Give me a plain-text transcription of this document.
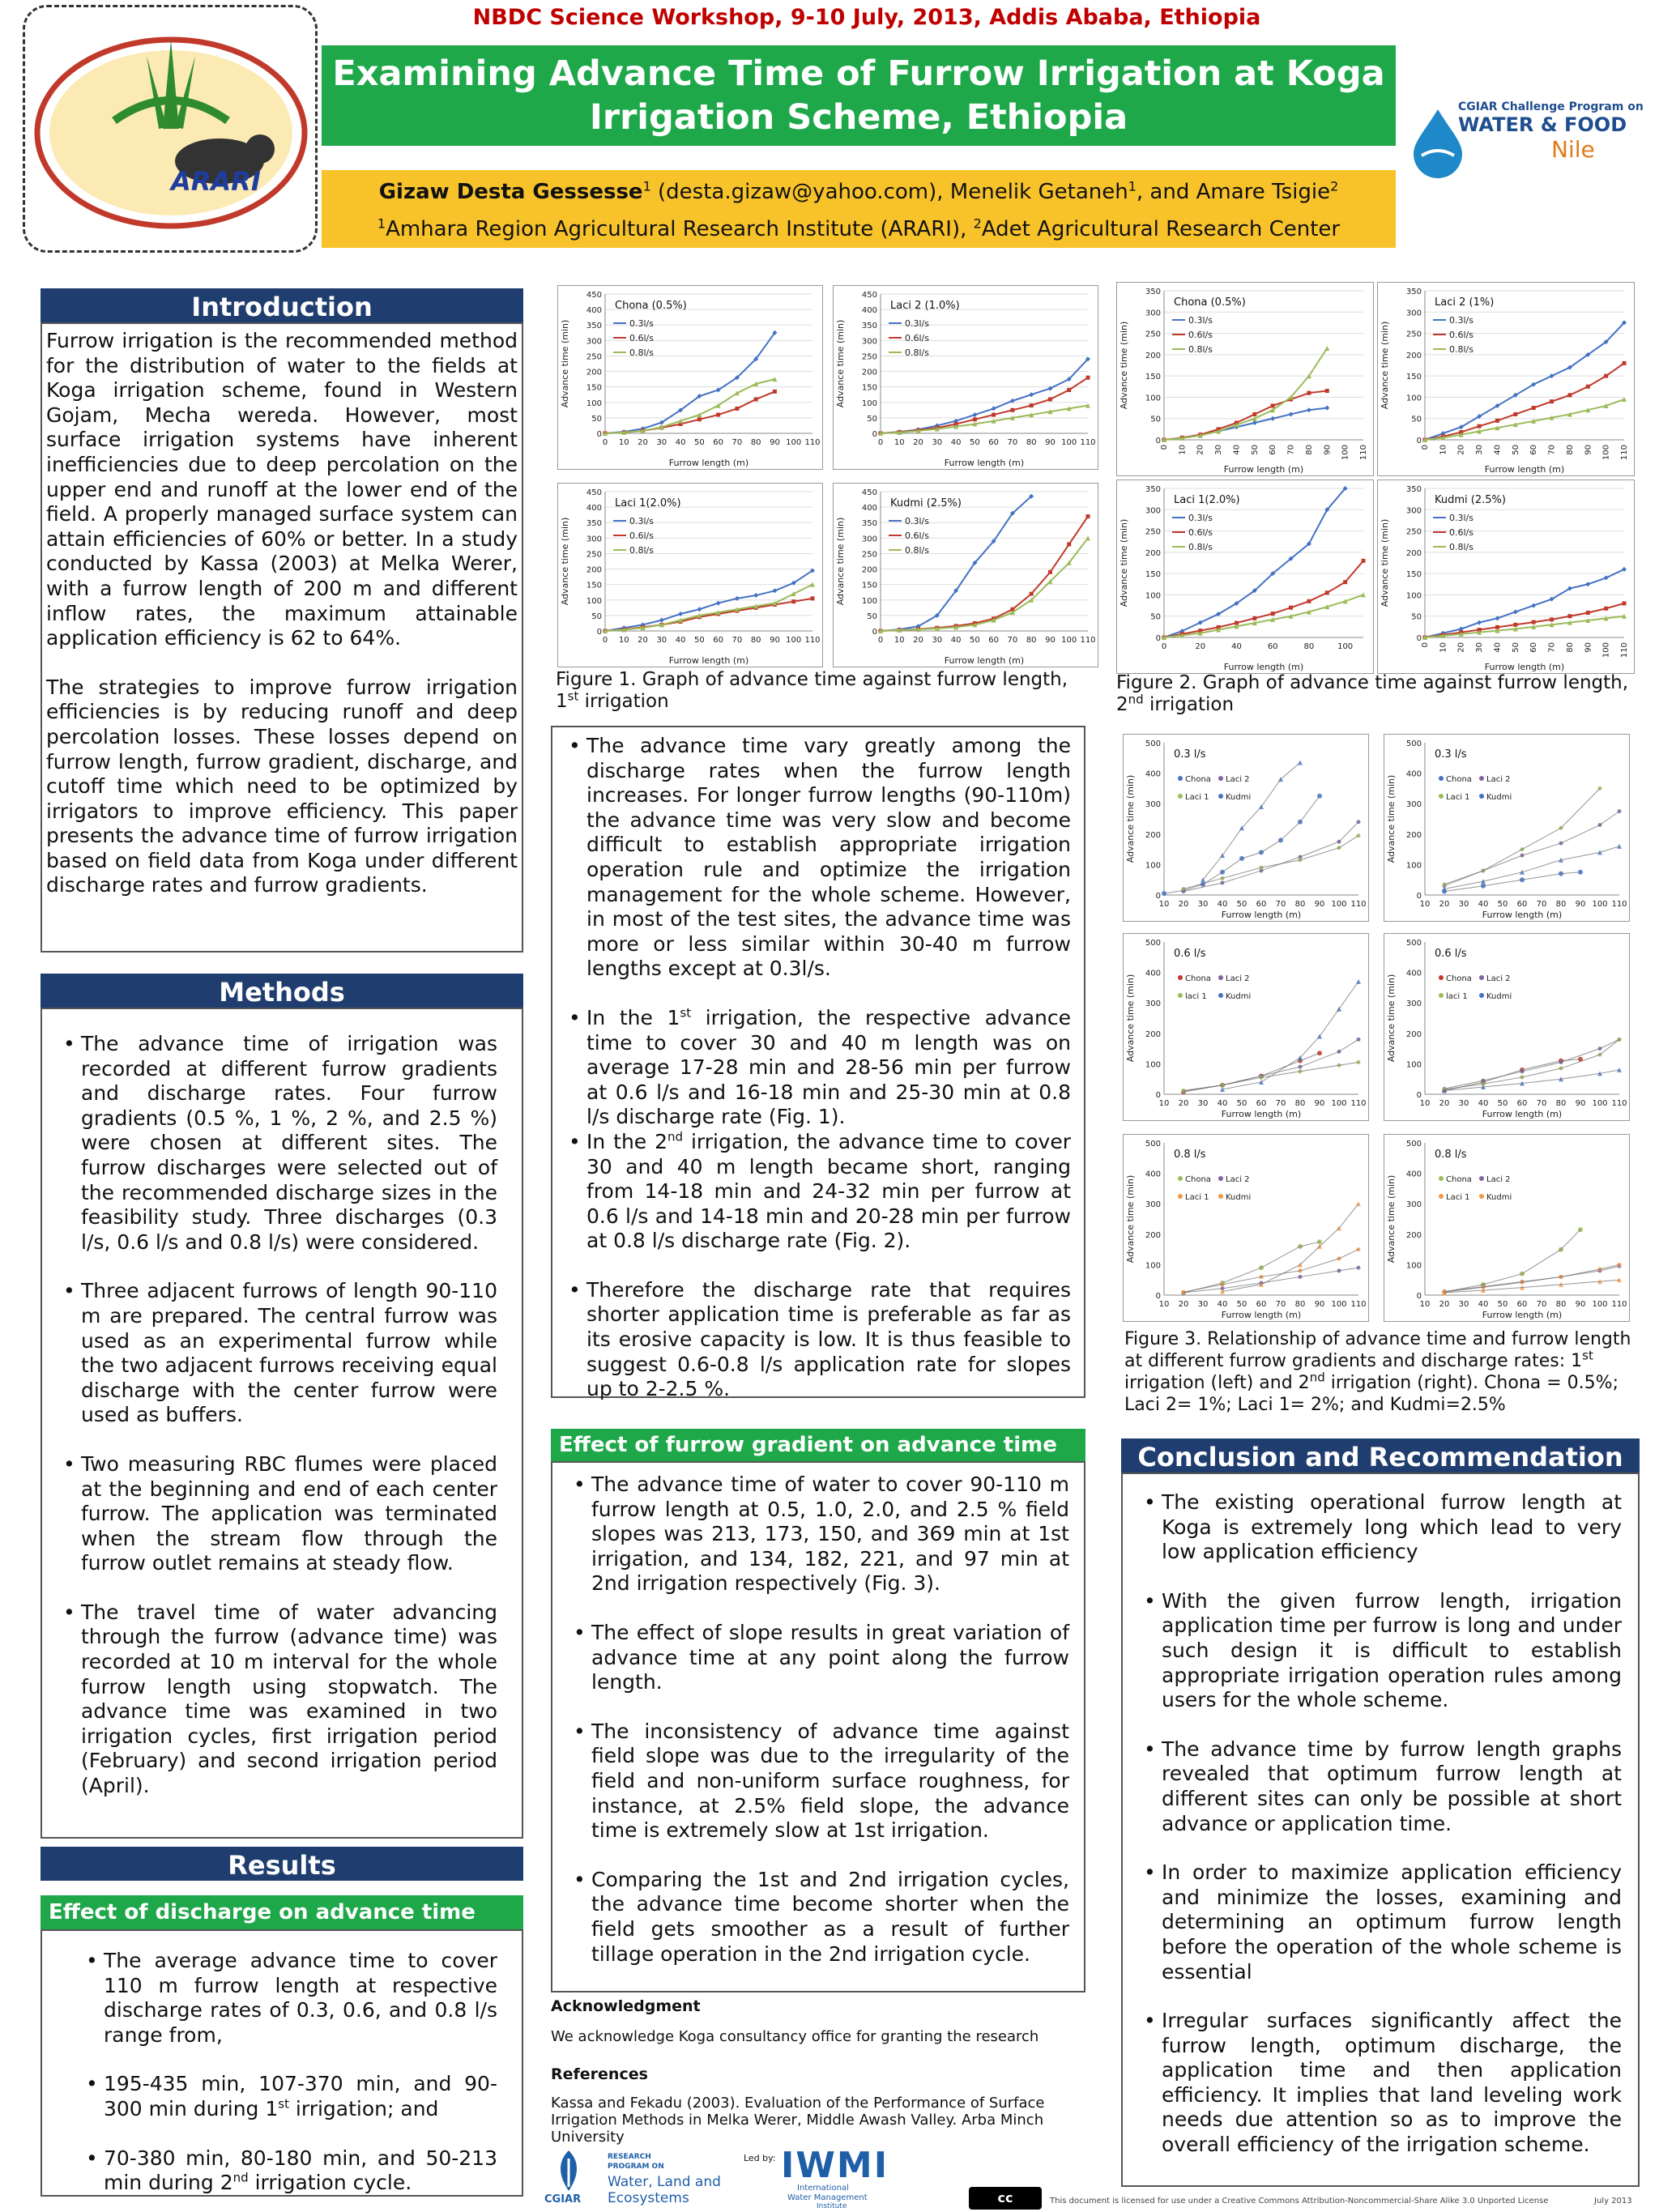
ARARI
NBDC Science Workshop, 9-10 July, 2013, Addis Ababa, Ethiopia
Examining Advance Time of Furrow Irrigation at Koga Irrigation Scheme, Ethiopia	CGIAR Challenge Program on
WATER & FOOD
Nile
Gizaw Desta Gessesse$^1$ (desta.gizaw@yahoo.com), Menelik Getaneh$^1$, and Amare Tsigie$^2$
$^1$Amhara Region Agricultural Research Institute (ARARI), $^2$Adet Agricultural Research Center
Introduction
Furrow irrigation is the recommended method for the distribution of water to the fields at Koga irrigation scheme, found in Western Gojam, Mecha wereda. However, most surface irrigation systems have inherent inefficiencies due to deep percolation on the upper end and runoff at the lower end of the field. A properly managed surface system can attain efficiencies of 60% or better. In a study conducted by Kassa (2003) at Melka Werer, with a furrow length of 200 m and different inflow rates, the maximum attainable application efficiency is 62 to 64%.
The strategies to improve furrow irrigation efficiencies is by reducing runoff and deep percolation losses. These losses depend on furrow length, furrow gradient, discharge, and cutoff time which need to be optimized by irrigators to improve efficiency. This paper presents the advance time of furrow irrigation based on field data from Koga under different discharge rates and furrow gradients.
Methods
• The advance time of irrigation was recorded at different furrow gradients and discharge rates. Four furrow gradients (0.5 %, 1 %, 2 %, and 2.5 %) were chosen at different sites. The furrow discharges were selected out of the recommended discharge sizes in the feasibility study. Three discharges (0.3 l/s, 0.6 l/s and 0.8 l/s) were considered.
• Three adjacent furrows of length 90-110 m are prepared. The central furrow was used as an experimental furrow while the two adjacent furrows receiving equal discharge with the center furrow were used as buffers.
• Two measuring RBC flumes were placed at the beginning and end of each center furrow. The application was terminated when the stream flow through the furrow outlet remains at steady flow.
• The travel time of water advancing through the furrow (advance time) was recorded at 10 m interval for the whole furrow length using stopwatch. The advance time was examined in two irrigation cycles, first irrigation period (February) and second irrigation period (April).
Results
Effect of discharge on advance time
• The average advance time to cover 110 m furrow length at respective discharge rates of 0.3, 0.6, and 0.8 l/s range from,
• 195-435 min, 107-370 min, and 90-300 min during 1st irrigation; and
• 70-380 min, 80-180 min, and 50-213 min during 2nd irrigation cycle.
0
50
100
150
200
250
300
350
400
450
0 10 20 30 40 50 60 70 80 90 100 110
Furrow length (m)
Advance time (min)
Chona (0.5%)
0.3l/s
0.6l/s
0.8l/s
0
50
100
150
200
250
300
350
400
450
0 10 20 30 40 50 60 70 80 90 100 110
Furrow length (m)
Advance time (min)
Laci 2 (1.0%)
0.3l/s
0.6l/s
0.8l/s
0
50
100
150
200
250
300
350
400
450
0 10 20 30 40 50 60 70 80 90 100 110
Furrow length (m)
Advance time (min)
Laci 1(2.0%)
0.3l/s
0.6l/s
0.8l/s
0
50
100
150
200
250
300
350
400
450
0 10 20 30 40 50 60 70 80 90 100 110
Furrow length (m)
Advance time (min)
Kudmi (2.5%)
0.3l/s
0.6l/s
0.8l/s
Figure 1. Graph of advance time against furrow length, 1st irrigation
0
50
100
150
200
250
300
350
0 10 20 30 40 50 60 70 80 90 100 110
Furrow length (m)
Advance time (min)
Chona (0.5%)
0.3l/s
0.6l/s
0.8l/s
0
50
100
150
200
250
300
350
0 10 20 30 40 50 60 70 80 90 100 110
Furrow length (m)
Advance time (min)
Laci 2 (1%)
0.3l/s
0.6l/s
0.8l/s
0
50
100
150
200
250
300
350
0	20	40	60	80	100
Furrow length (m)
Advance time (min)
Laci 1(2.0%)
0.3l/s
0.6l/s
0.8l/s
0
50
100
150
200
250
300
350
0 10 20 30 40 50 60 70 80 90 100 110
Furrow length (m)
Advance time (min)
Kudmi (2.5%)
0.3l/s
0.6l/s
0.8l/s
Figure 2. Graph of advance time against furrow length, 2nd irrigation
• The advance time vary greatly among the discharge rates when the furrow length increases. For longer furrow lengths (90-110m) the advance time was very slow and become difficult to establish appropriate irrigation operation rule and optimize the irrigation management for the whole scheme. However, in most of the test sites, the advance time was more or less similar within 30-40 m furrow lengths except at 0.3l/s.
• In the 1st irrigation, the respective advance time to cover 30 and 40 m length was on average 17-28 min and 28-56 min per furrow at 0.6 l/s and 16-18 min and 25-30 min at 0.8 l/s discharge rate (Fig. 1).
• In the 2nd irrigation, the advance time to cover 30 and 40 m length became short, ranging from 14-18 min and 24-32 min per furrow at 0.6 l/s and 14-18 min and 20-28 min per furrow at 0.8 l/s discharge rate (Fig. 2).
• Therefore the discharge rate that requires shorter application time is preferable as far as its erosive capacity is low. It is thus feasible to suggest 0.6-0.8 l/s application rate for slopes up to 2-2.5 %.
Effect of furrow gradient on advance time
• The advance time of water to cover 90-110 m furrow length at 0.5, 1.0, 2.0, and 2.5 % field slopes was 213, 173, 150, and 369 min at 1st irrigation, and 134, 182, 221, and 97 min at 2nd irrigation respectively (Fig. 3).
• The effect of slope results in great variation of advance time at any point along the furrow length.
• The inconsistency of advance time against field slope was due to the irregularity of the field and non-uniform surface roughness, for instance, at 2.5% field slope, the advance time is extremely slow at 1st irrigation.
• Comparing the 1st and 2nd irrigation cycles, the advance time become shorter when the field gets smoother as a result of further tillage operation in the 2nd irrigation cycle.
Acknowledgment
We acknowledge Koga consultancy office for granting the research
References
Kassa and Fekadu (2003). Evaluation of the Performance of Surface Irrigation Methods in Melka Werer, Middle Awash Valley. Arba Minch University
0
100
200
300
400
500
10 20 30 40 50 60 70 80 90 100 110
Furrow length (m)
Advance time (min)
0.3 l/s
Chona Laci 2
Laci 1 Kudmi
0
100
200
300
400
500
10 20 30 40 50 60 70 80 90 100 110
Furrow length (m)
Advance time (min)
0.3 l/s
Chona Laci 2
Laci 1 Kudmi
0
100
200
300
400
500
10 20 30 40 50 60 70 80 90 100 110
Furrow length (m)
Advance time (min)
0.6 l/s
Chona Laci 2
laci 1 Kudmi
0
100
200
300
400
500
10 20 30 40 50 60 70 80 90 100 110
Furrow length (m)
Advance time (min)
0.6 l/s
Chona Laci 2
laci 1 Kudmi
0
100
200
300
400
500
10 20 30 40 50 60 70 80 90 100 110
Furrow length (m)
Advance time (min)
0.8 l/s
Chona Laci 2
Laci 1 Kudmi
0
100
200
300
400
500
10 20 30 40 50 60 70 80 90 100 110
Furrow length (m)
Advance time (min)
0.8 l/s
Chona Laci 2
Laci 1 Kudmi
Figure 3. Relationship of advance time and furrow length at different furrow gradients and discharge rates: 1st irrigation (left) and 2nd irrigation (right). Chona = 0.5%; Laci 2= 1%; Laci 1= 2%; and Kudmi=2.5%
Conclusion and Recommendation
• The existing operational furrow length at Koga is extremely long which lead to very low application efficiency
• With the given furrow length, irrigation application time per furrow is long and under such design it is difficult to establish appropriate irrigation operation rules among users for the whole scheme.
• The advance time by furrow length graphs revealed that optimum furrow length at different sites can only be possible at short advance or application time.
• In order to maximize application efficiency and minimize the losses, examining and determining an optimum furrow length before the operation of the whole scheme is essential
• Irregular surfaces significantly affect the furrow length, optimum discharge, the application time and then application efficiency. It implies that land leveling work needs due attention so as to improve the overall efficiency of the irrigation scheme.
CGIAR
RESEARCH
PROGRAM ON
Water, Land and
Ecosystems
Led by: IWMI
International
Water Management
Institute
cc	This document is licensed for use under a Creative Commons Attribution-Noncommercial-Share Alike 3.0 Unported License	July 2013
